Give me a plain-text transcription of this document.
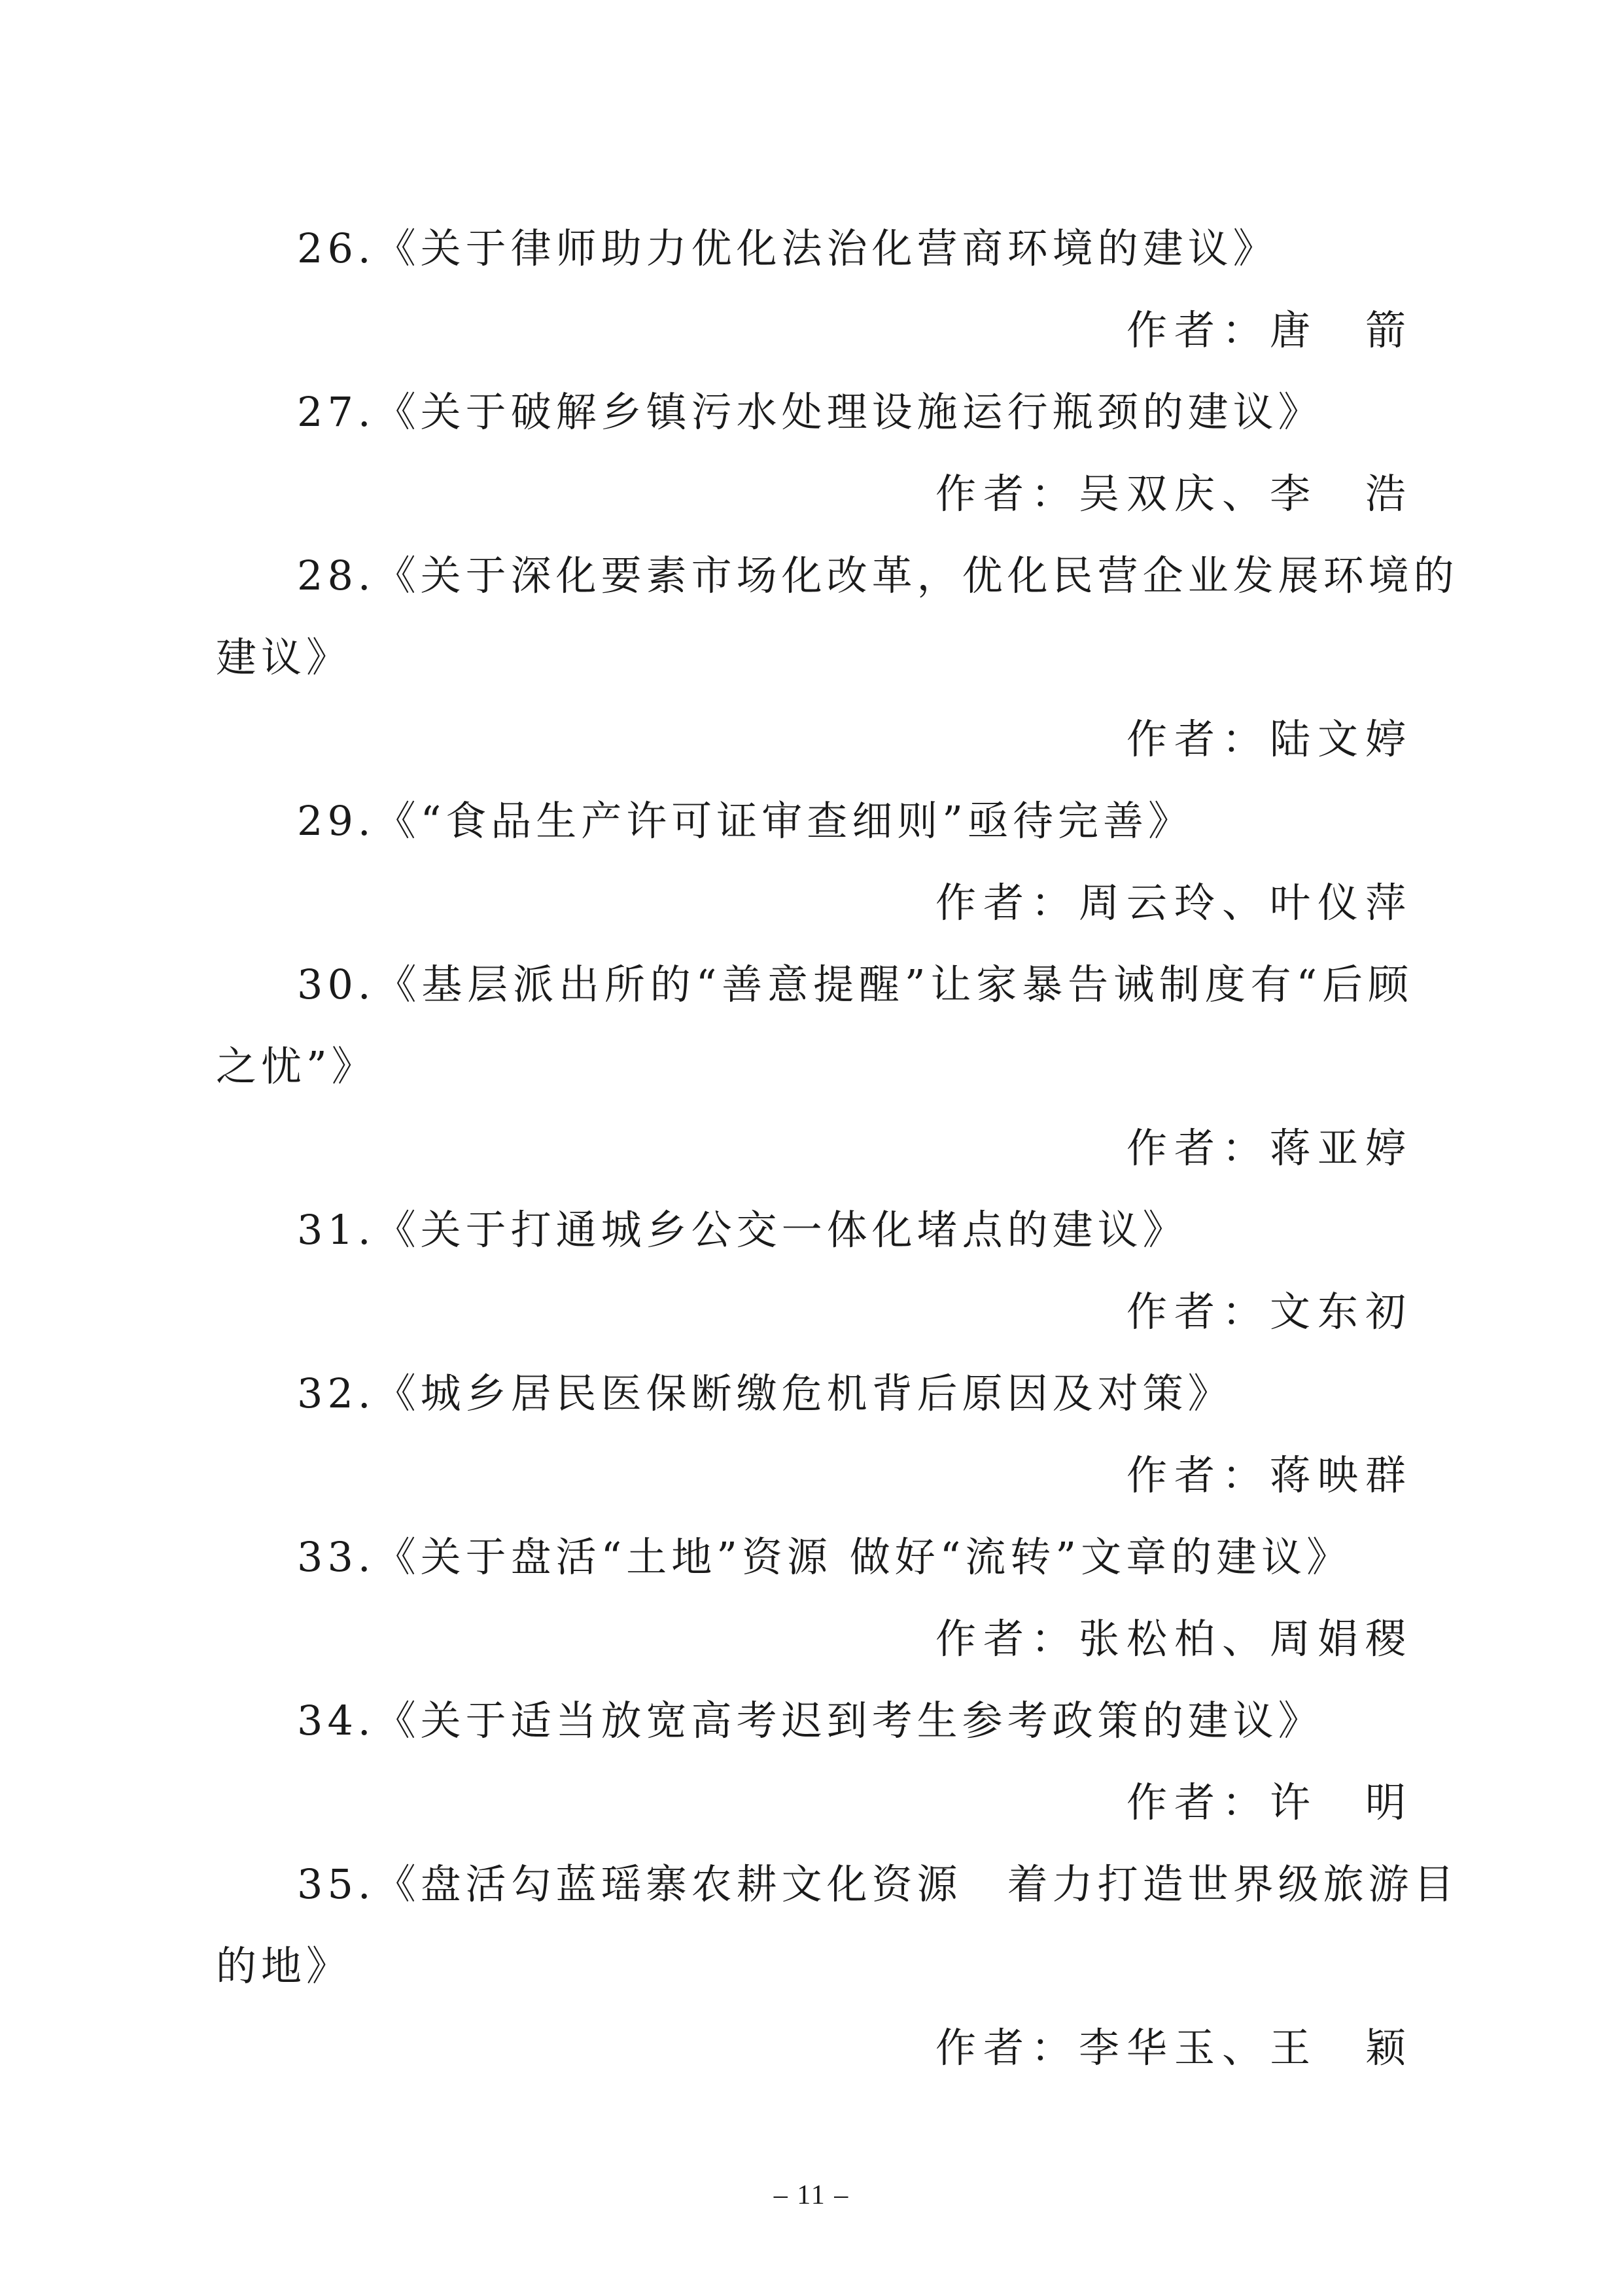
26.《关于律师助力优化法治化营商环境的建议》
作者：唐　箭
27.《关于破解乡镇污水处理设施运行瓶颈的建议》
作者：吴双庆、李　浩
28.《关于深化要素市场化改革，优化民营企业发展环境的
建议》
作者：陆文婷
29.《“食品生产许可证审查细则”亟待完善》
作者：周云玲、叶仪萍
30.《基层派出所的“善意提醒”让家暴告诫制度有“后顾
之忧”》
作者：蒋亚婷
31.《关于打通城乡公交一体化堵点的建议》
作者：文东初
32.《城乡居民医保断缴危机背后原因及对策》
作者：蒋映群
33.《关于盘活“土地”资源 做好“流转”文章的建议》
作者：张松柏、周娟稷
34.《关于适当放宽高考迟到考生参考政策的建议》
作者：许　明
35.《盘活勾蓝瑶寨农耕文化资源　着力打造世界级旅游目
的地》
作者：李华玉、王　颖
– 11 –
